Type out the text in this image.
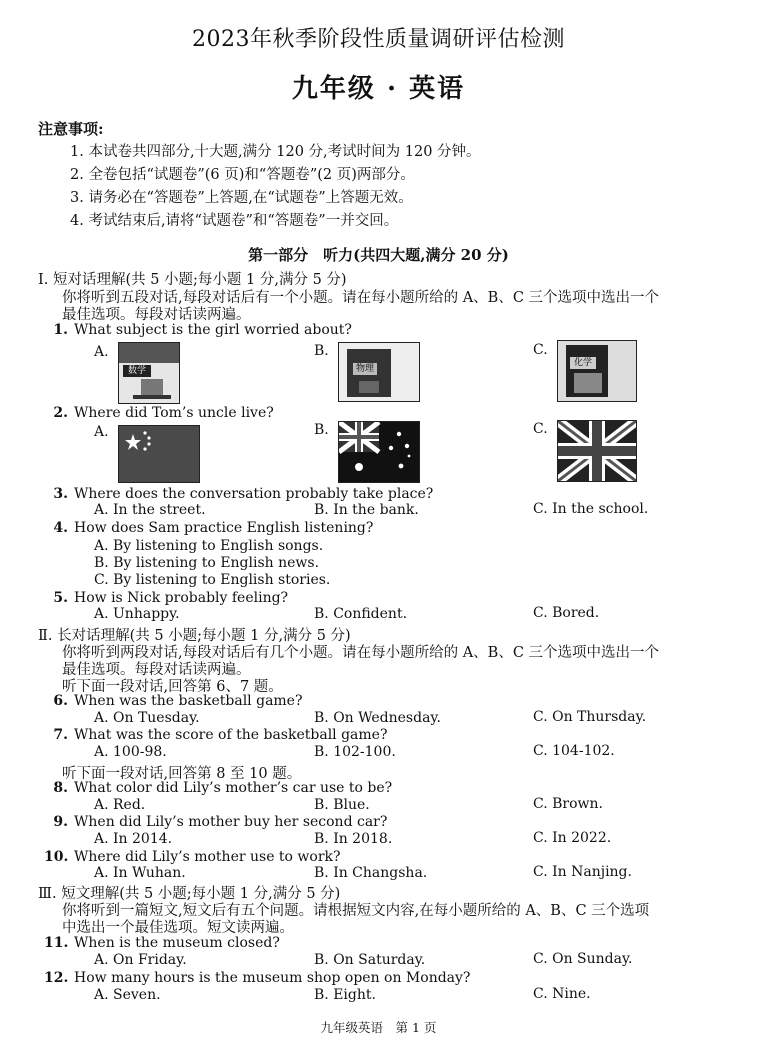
2023年秋季阶段性质量调研评估检测
九年级 · 英语
注意事项:
1. 本试卷共四部分,十大题,满分 120 分,考试时间为 120 分钟。
2. 全卷包括“试题卷”(6 页)和“答题卷”(2 页)两部分。
3. 请务必在“答题卷”上答题,在“试题卷”上答题无效。
4. 考试结束后,请将“试题卷”和“答题卷”一并交回。
第一部分　听力(共四大题,满分 20 分)
Ⅰ. 短对话理解(共 5 小题;每小题 1 分,满分 5 分)
你将听到五段对话,每段对话后有一个小题。请在每小题所给的 A、B、C 三个选项中选出一个
最佳选项。每段对话读两遍。
1. What subject is the girl worried about?
A.	B.	C.
数学	物理
化学
2. Where did Tom’s uncle live?
A.	B.	C.
3. Where does the conversation probably take place?
A. In the street.	B. In the bank.	C. In the school.
4. How does Sam practice English listening?
A. By listening to English songs.
B. By listening to English news.
C. By listening to English stories.
5. How is Nick probably feeling?
A. Unhappy.	B. Confident.	C. Bored.
Ⅱ. 长对话理解(共 5 小题;每小题 1 分,满分 5 分)
你将听到两段对话,每段对话后有几个小题。请在每小题所给的 A、B、C 三个选项中选出一个
最佳选项。每段对话读两遍。
听下面一段对话,回答第 6、7 题。
6. When was the basketball game?
A. On Tuesday.	B. On Wednesday.	C. On Thursday.
7. What was the score of the basketball game?
A. 100-98.	B. 102-100.	C. 104-102.
听下面一段对话,回答第 8 至 10 题。
8. What color did Lily’s mother’s car use to be?
A. Red.	B. Blue.	C. Brown.
9. When did Lily’s mother buy her second car?
A. In 2014.	B. In 2018.	C. In 2022.
10. Where did Lily’s mother use to work?
A. In Wuhan.	B. In Changsha.	C. In Nanjing.
Ⅲ. 短文理解(共 5 小题;每小题 1 分,满分 5 分)
你将听到一篇短文,短文后有五个问题。请根据短文内容,在每小题所给的 A、B、C 三个选项
中选出一个最佳选项。短文读两遍。
11. When is the museum closed?
A. On Friday.	B. On Saturday.	C. On Sunday.
12. How many hours is the museum shop open on Monday?
A. Seven.	B. Eight.	C. Nine.
九年级英语　第 1 页
